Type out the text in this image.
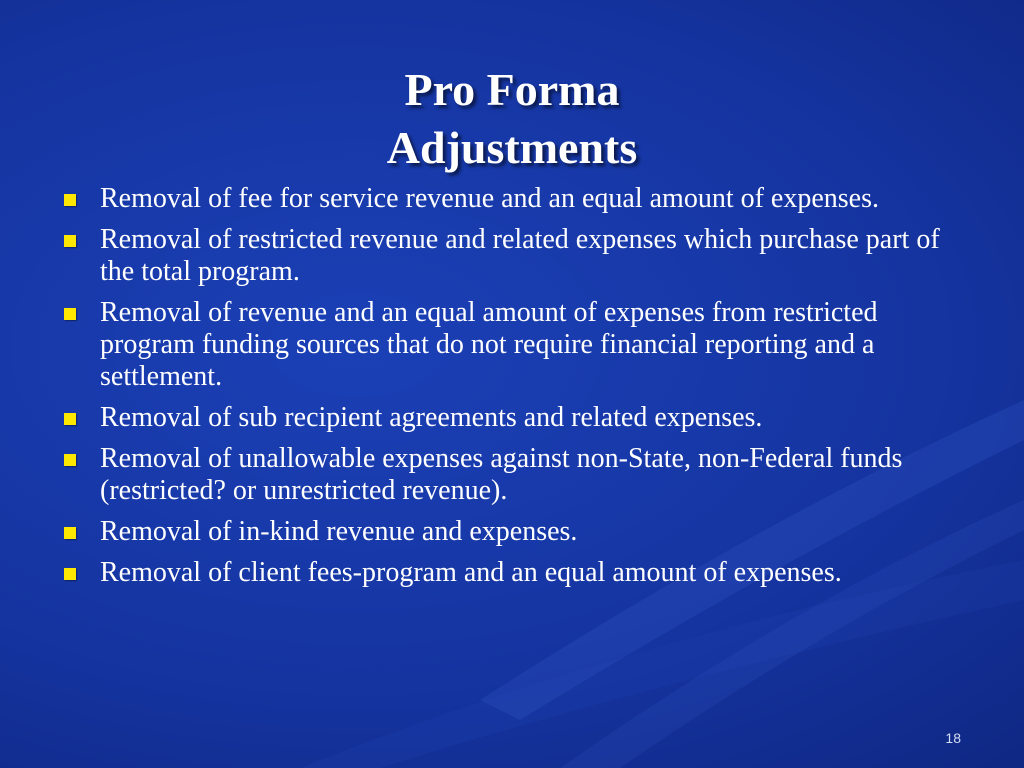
Pro Forma
Adjustments
Removal of fee for service revenue and an equal amount of expenses.
Removal of restricted revenue and related expenses which purchase part of the total program.
Removal of revenue and an equal amount of expenses from restricted program funding sources that do not require financial reporting and a settlement.
Removal of sub recipient agreements and related expenses.
Removal of unallowable expenses against non-State, non-Federal funds (restricted? or unrestricted revenue).
Removal of in-kind revenue and expenses.
Removal of client fees-program and an equal amount of expenses.
18
